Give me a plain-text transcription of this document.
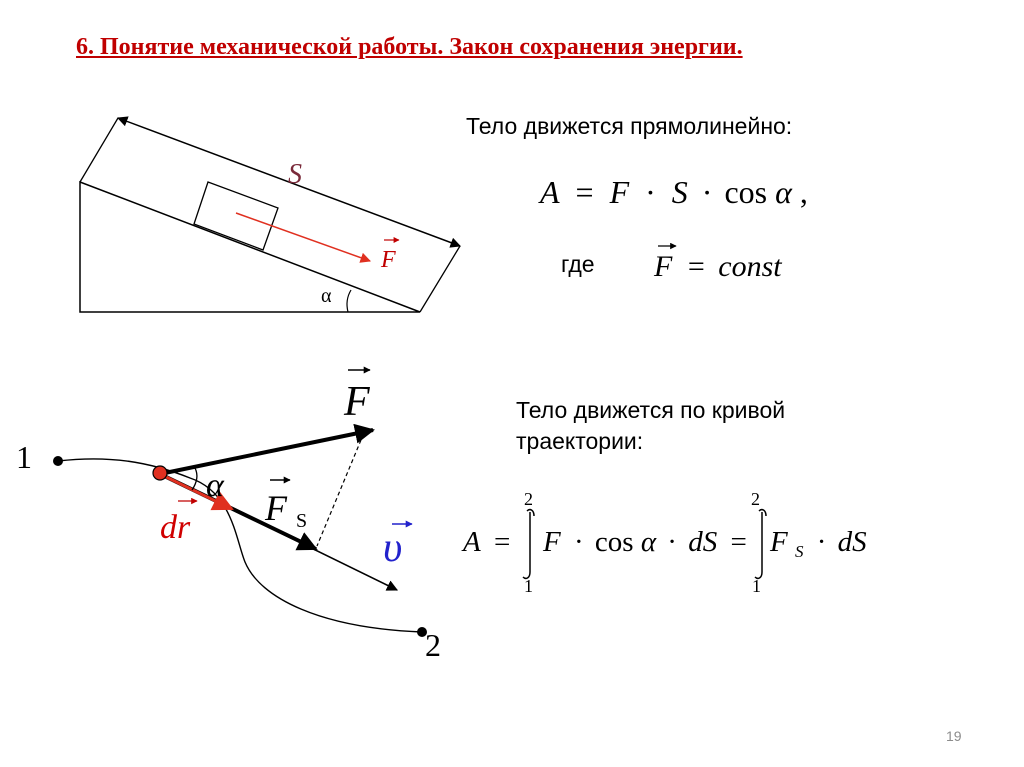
6. Понятие механической работы. Закон сохранения энергии.
Тело движется прямолинейно:
где
Тело движется по кривой
траектории:
19
S
F
α
A = F · S · cos α ,
F = const
1
2
F
α
F S
dr	υ A =
2
1
F · cos α · dS =
2
1
F $_S$ · dS
